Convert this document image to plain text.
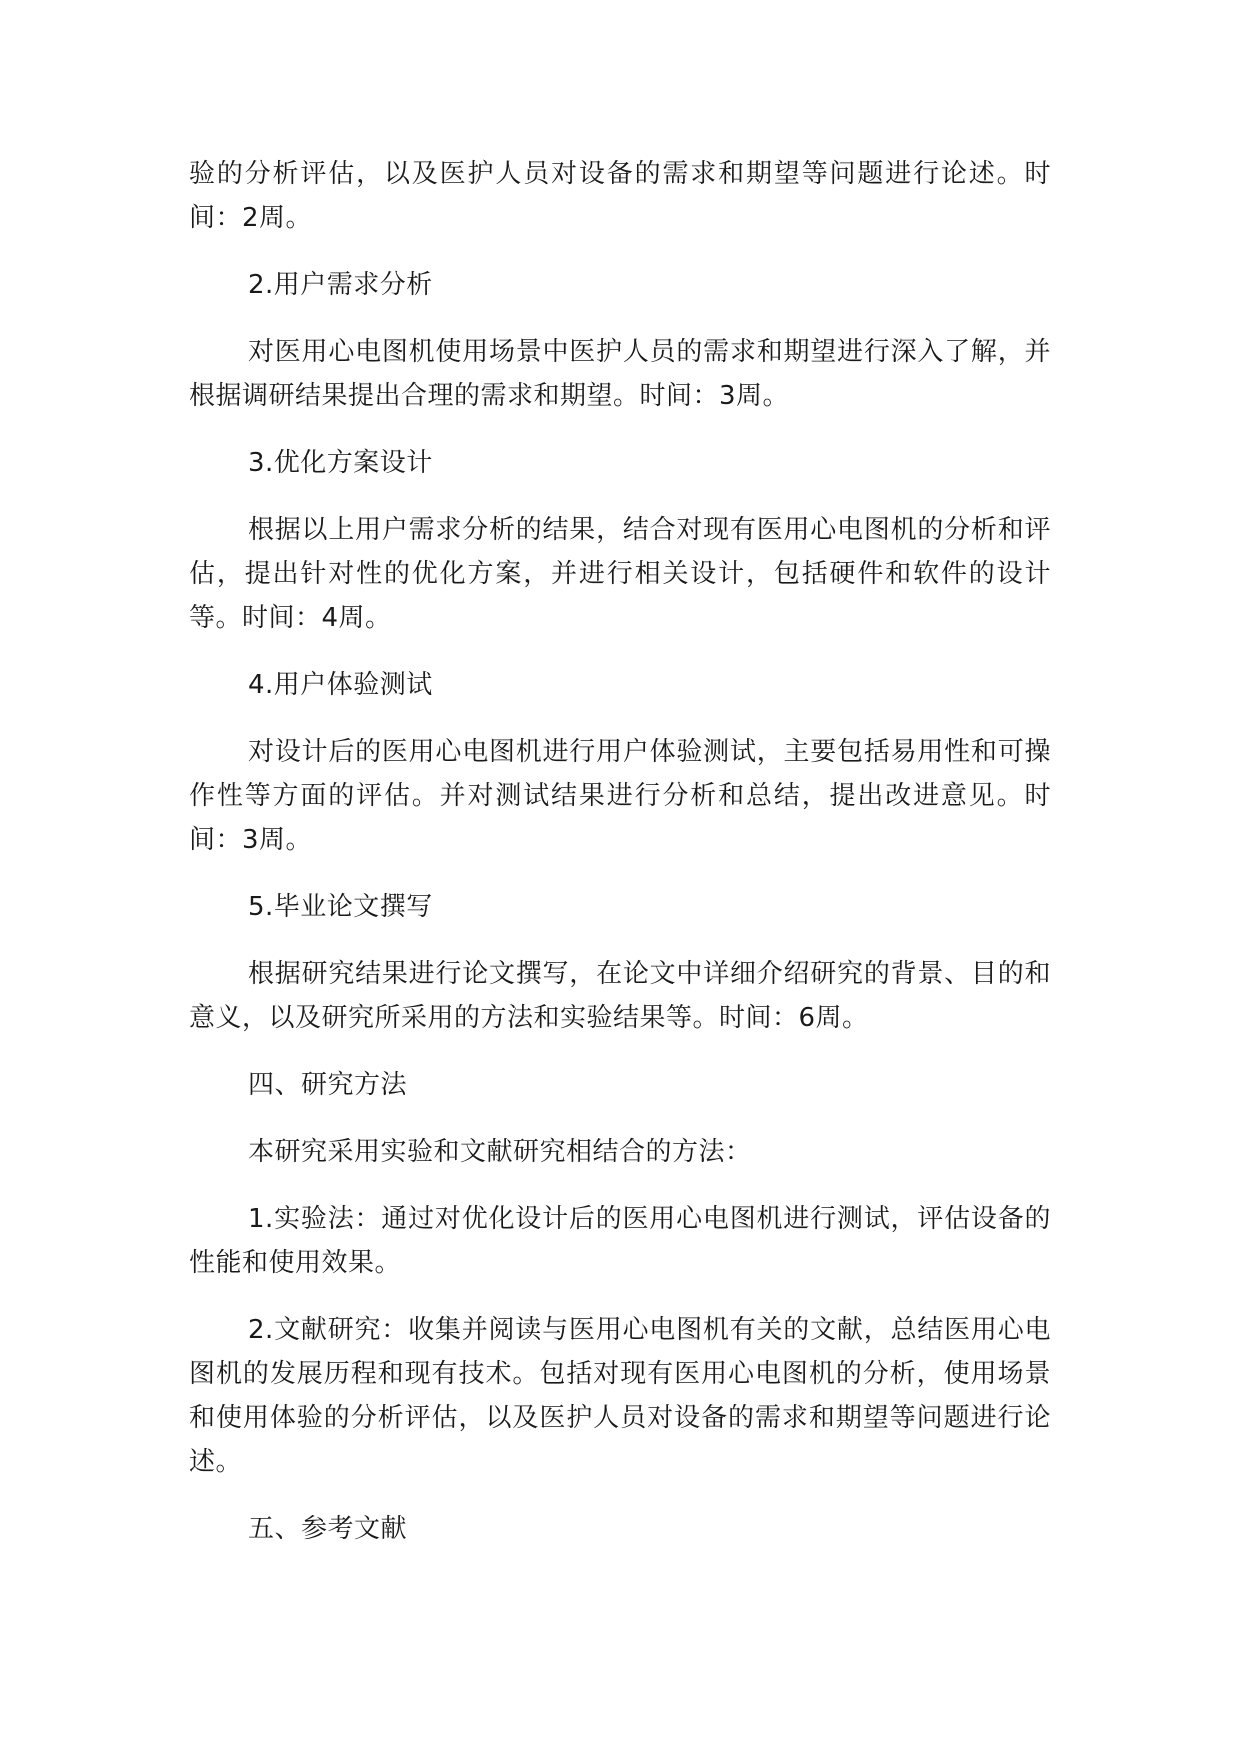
验的分析评估，以及医护人员对设备的需求和期望等问题进行论述。时间：2周。

2.用户需求分析

对医用心电图机使用场景中医护人员的需求和期望进行深入了解，并根据调研结果提出合理的需求和期望。时间：3周。

3.优化方案设计

根据以上用户需求分析的结果，结合对现有医用心电图机的分析和评估，提出针对性的优化方案，并进行相关设计，包括硬件和软件的设计等。时间：4周。

4.用户体验测试

对设计后的医用心电图机进行用户体验测试，主要包括易用性和可操作性等方面的评估。并对测试结果进行分析和总结，提出改进意见。时间：3周。

5.毕业论文撰写

根据研究结果进行论文撰写，在论文中详细介绍研究的背景、目的和意义，以及研究所采用的方法和实验结果等。时间：6周。

四、研究方法

本研究采用实验和文献研究相结合的方法：

1.实验法：通过对优化设计后的医用心电图机进行测试，评估设备的性能和使用效果。

2.文献研究：收集并阅读与医用心电图机有关的文献，总结医用心电图机的发展历程和现有技术。包括对现有医用心电图机的分析，使用场景和使用体验的分析评估，以及医护人员对设备的需求和期望等问题进行论述。

五、参考文献
